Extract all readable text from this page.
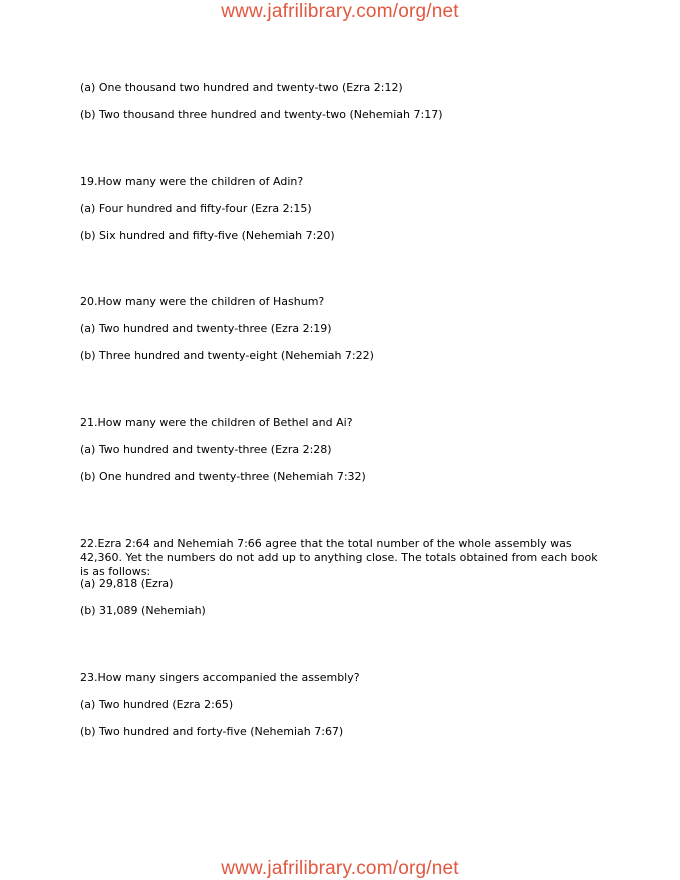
www.jafrilibrary.com/org/net
(a) One thousand two hundred and twenty-two (Ezra 2:12)
(b) Two thousand three hundred and twenty-two (Nehemiah 7:17)
19.How many were the children of Adin?
(a) Four hundred and fifty-four (Ezra 2:15)
(b) Six hundred and fifty-five (Nehemiah 7:20)
20.How many were the children of Hashum?
(a) Two hundred and twenty-three (Ezra 2:19)
(b) Three hundred and twenty-eight (Nehemiah 7:22)
21.How many were the children of Bethel and Ai?
(a) Two hundred and twenty-three (Ezra 2:28)
(b) One hundred and twenty-three (Nehemiah 7:32)
22.Ezra 2:64 and Nehemiah 7:66 agree that the total number of the whole assembly was 42,360. Yet the numbers do not add up to anything close. The totals obtained from each book is as follows:
(a) 29,818 (Ezra)
(b) 31,089 (Nehemiah)
23.How many singers accompanied the assembly?
(a) Two hundred (Ezra 2:65)
(b) Two hundred and forty-five (Nehemiah 7:67)
www.jafrilibrary.com/org/net
